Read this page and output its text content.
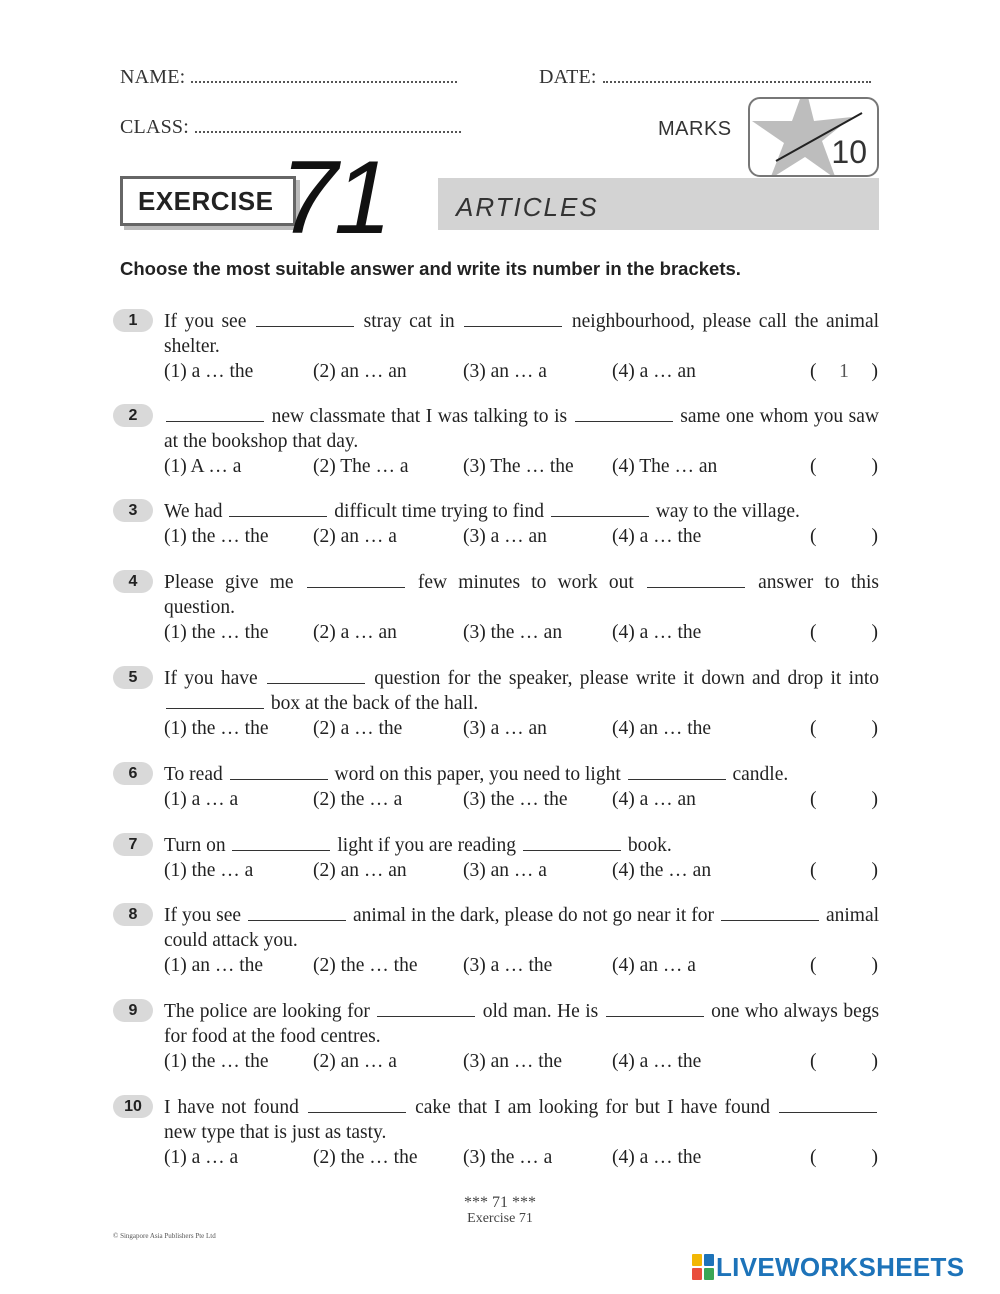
NAME:	DATE:
CLASS:	MARKS
10
EXERCISE 71	ARTICLES
Choose the most suitable answer and write its number in the brackets.
1	If you see	stray cat in	neighbourhood, please call the animal shelter.
(1) a … the	(2) an … an	(3) an … a	(4) a … an	(	1	)
2	new classmate that I was talking to is	same one whom you saw at the bookshop that day.
(1) A … a	(2) The … a	(3) The … the (4) The … an	(	)
3	We had	difficult time trying to find	way to the village.
(1) the … the (2) an … a	(3) a … an	(4) a … the	(	)
4	Please give me	few minutes to work out	answer to this question.
(1) the … the (2) a … an	(3) the … an	(4) a … the	(	)
5	If you have	question for the speaker, please write it down and drop it into  box at the back of the hall.
(1) the … the (2) a … the	(3) a … an	(4) an … the	(	)
6	To read	word on this paper, you need to light	candle.
(1) a … a	(2) the … a	(3) the … the (4) a … an	(	)
7	Turn on	light if you are reading	book.
(1) the … a	(2) an … an	(3) an … a	(4) the … an	(	)
8	If you see	animal in the dark, please do not go near it for	animal could attack you.
(1) an … the	(2) the … the (3) a … the	(4) an … a	(	)
9	The police are looking for	old man. He is	one who always begs for food at the food centres.
(1) the … the (2) an … a	(3) an … the	(4) a … the	(	)
10	I have not found	cake that I am looking for but I have found  new type that is just as tasty.
(1) a … a	(2) the … the (3) the … a	(4) a … the	(	)
*** 71 ***
Exercise 71
© Singapore Asia Publishers Pte Ltd
LIVEWORKSHEETS
